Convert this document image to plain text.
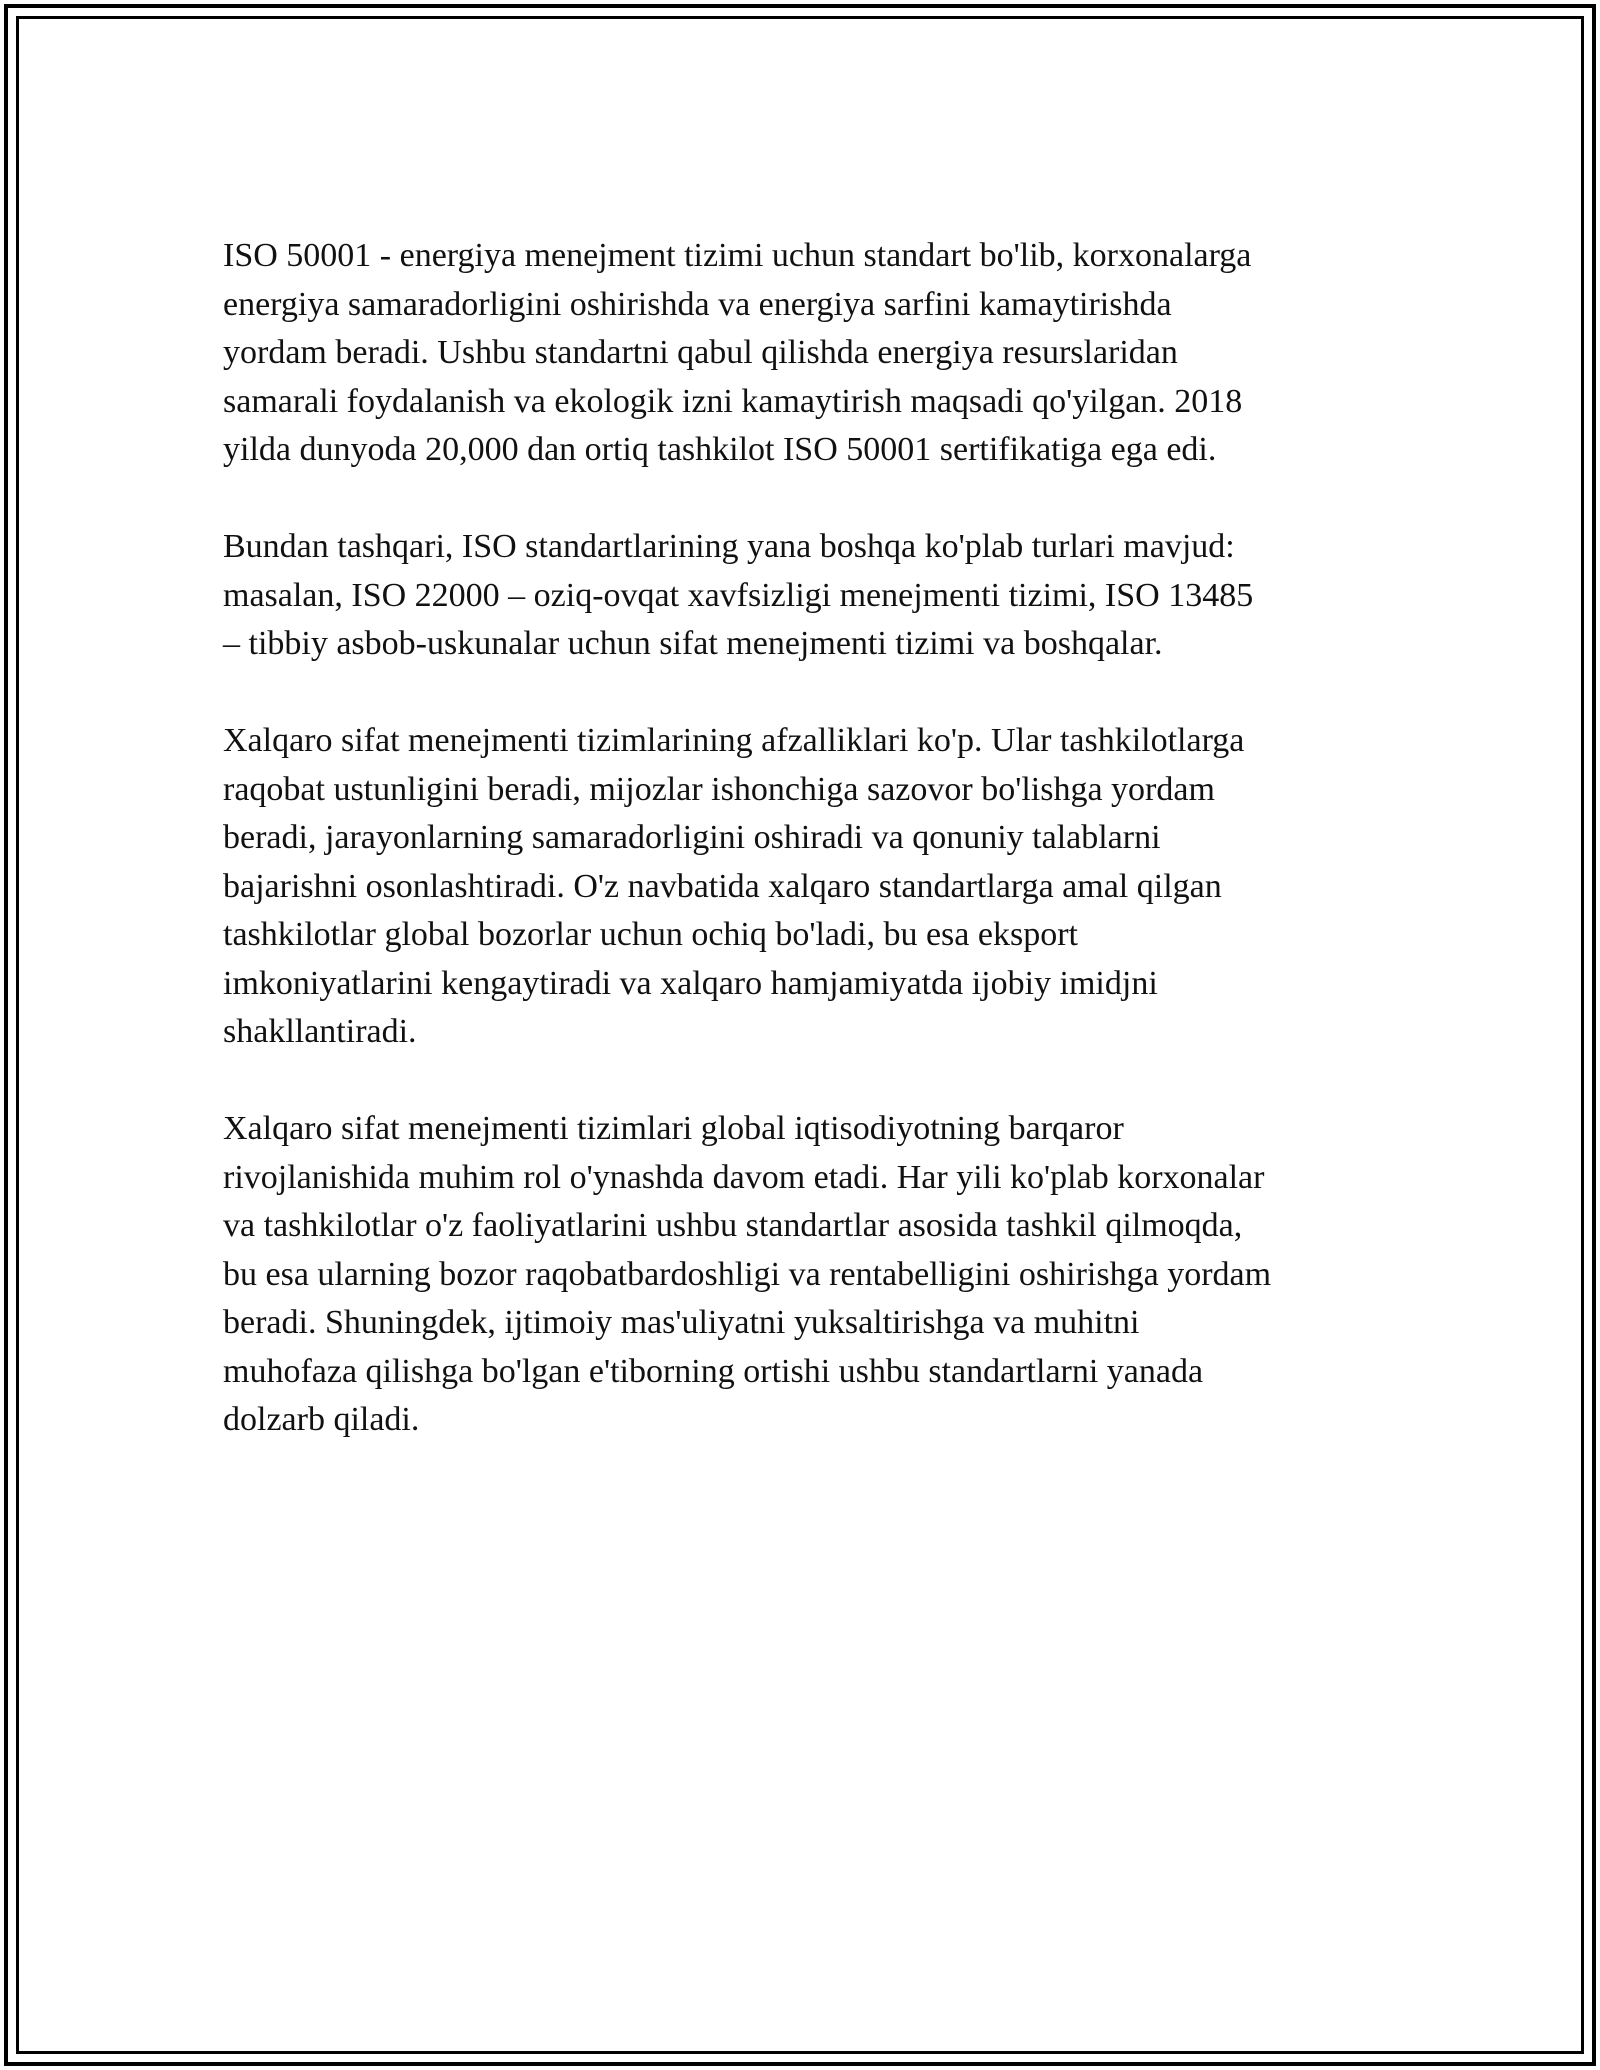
ISO 50001 - energiya menejment tizimi uchun standart bo'lib, korxonalarga
energiya samaradorligini oshirishda va energiya sarfini kamaytirishda
yordam beradi. Ushbu standartni qabul qilishda energiya resurslaridan
samarali foydalanish va ekologik izni kamaytirish maqsadi qo'yilgan. 2018
yilda dunyoda 20,000 dan ortiq tashkilot ISO 50001 sertifikatiga ega edi.

Bundan tashqari, ISO standartlarining yana boshqa ko'plab turlari mavjud:
masalan, ISO 22000 – oziq-ovqat xavfsizligi menejmenti tizimi, ISO 13485
– tibbiy asbob-uskunalar uchun sifat menejmenti tizimi va boshqalar.

Xalqaro sifat menejmenti tizimlarining afzalliklari ko'p. Ular tashkilotlarga
raqobat ustunligini beradi, mijozlar ishonchiga sazovor bo'lishga yordam
beradi, jarayonlarning samaradorligini oshiradi va qonuniy talablarni
bajarishni osonlashtiradi. O'z navbatida xalqaro standartlarga amal qilgan
tashkilotlar global bozorlar uchun ochiq bo'ladi, bu esa eksport
imkoniyatlarini kengaytiradi va xalqaro hamjamiyatda ijobiy imidjni
shakllantiradi.

Xalqaro sifat menejmenti tizimlari global iqtisodiyotning barqaror
rivojlanishida muhim rol o'ynashda davom etadi. Har yili ko'plab korxonalar
va tashkilotlar o'z faoliyatlarini ushbu standartlar asosida tashkil qilmoqda,
bu esa ularning bozor raqobatbardoshligi va rentabelligini oshirishga yordam
beradi. Shuningdek, ijtimoiy mas'uliyatni yuksaltirishga va muhitni
muhofaza qilishga bo'lgan e'tiborning ortishi ushbu standartlarni yanada
dolzarb qiladi.
